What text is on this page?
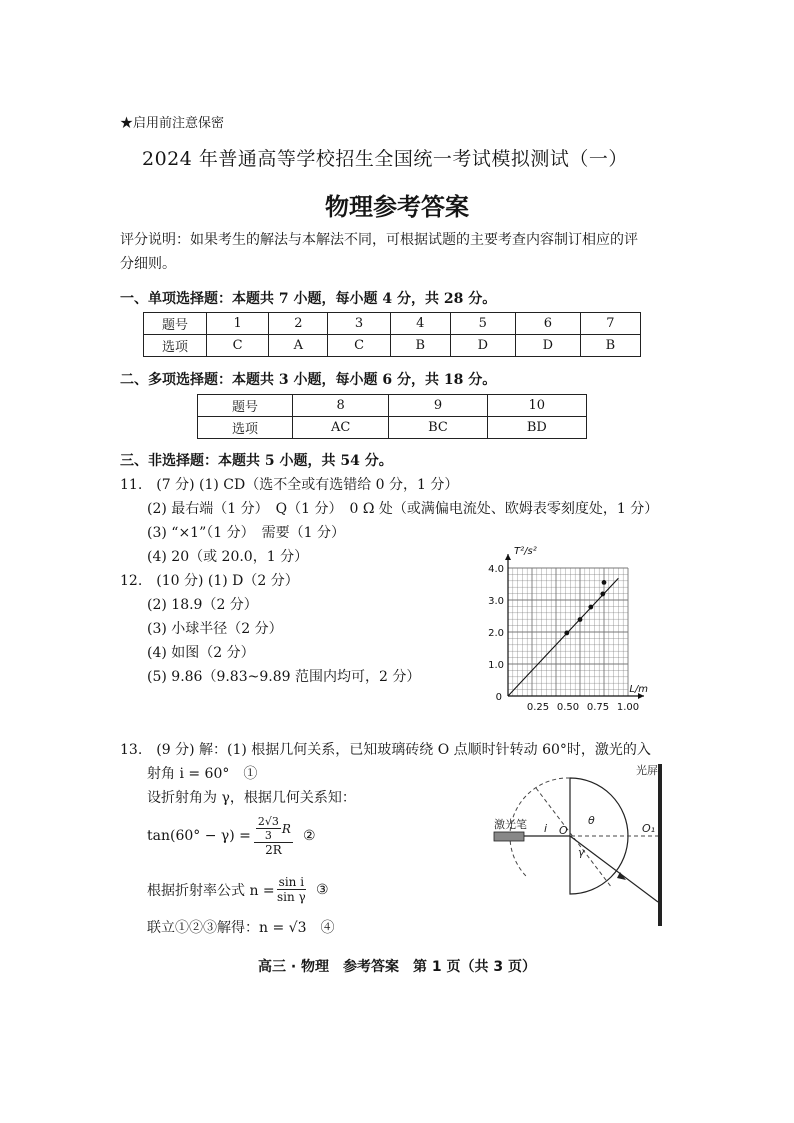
★启用前注意保密
2024 年普通高等学校招生全国统一考试模拟测试（一）
物理参考答案
评分说明：如果考生的解法与本解法不同，可根据试题的主要考查内容制订相应的评分细则。
一、单项选择题：本题共 7 小题，每小题 4 分，共 28 分。
题号	1	2	3	4	5	6	7
选项	C	A	C	B	D	D	B
二、多项选择题：本题共 3 小题，每小题 6 分，共 18 分。
题号	8	9	10
选项	AC	BC	BD
三、非选择题：本题共 5 小题，共 54 分。
11.　(7 分) (1) CD（选不全或有选错给 0 分，1 分）
(2) 最右端（1 分）　Q（1 分）　0 Ω 处（或满偏电流处、欧姆表零刻度处，1 分）
(3) “×1”（1 分）　需要（1 分）
(4) 20（或 20.0，1 分）
12.　(10 分) (1) D（2 分）
(2) 18.9（2 分）
(3) 小球半径（2 分）
(4) 如图（2 分）
(5) 9.86（9.83~9.89 范围内均可，2 分）
0.25 0.50 0.75 1.00
1.0
2.0
3.0
4.0
0
T²/s²
L/m
13.　(9 分) 解：(1) 根据几何关系，已知玻璃砖绕 O 点顺时针转动 60°时，激光的入
射角 i = 60°　①
设折射角为 γ，根据几何关系知：
$\tan(60^\circ - \gamma) = \frac{\frac{2√3}{3} R}{2R}$ ②
根据折射率公式 $n = \frac{\text{sin i}}{\text{sin γ}}$ ③
联立①②③解得：n = √3　④
光屏
激光笔 i O
θ
γ
O₁
高三 · 物理　参考答案　第 1 页（共 3 页）
